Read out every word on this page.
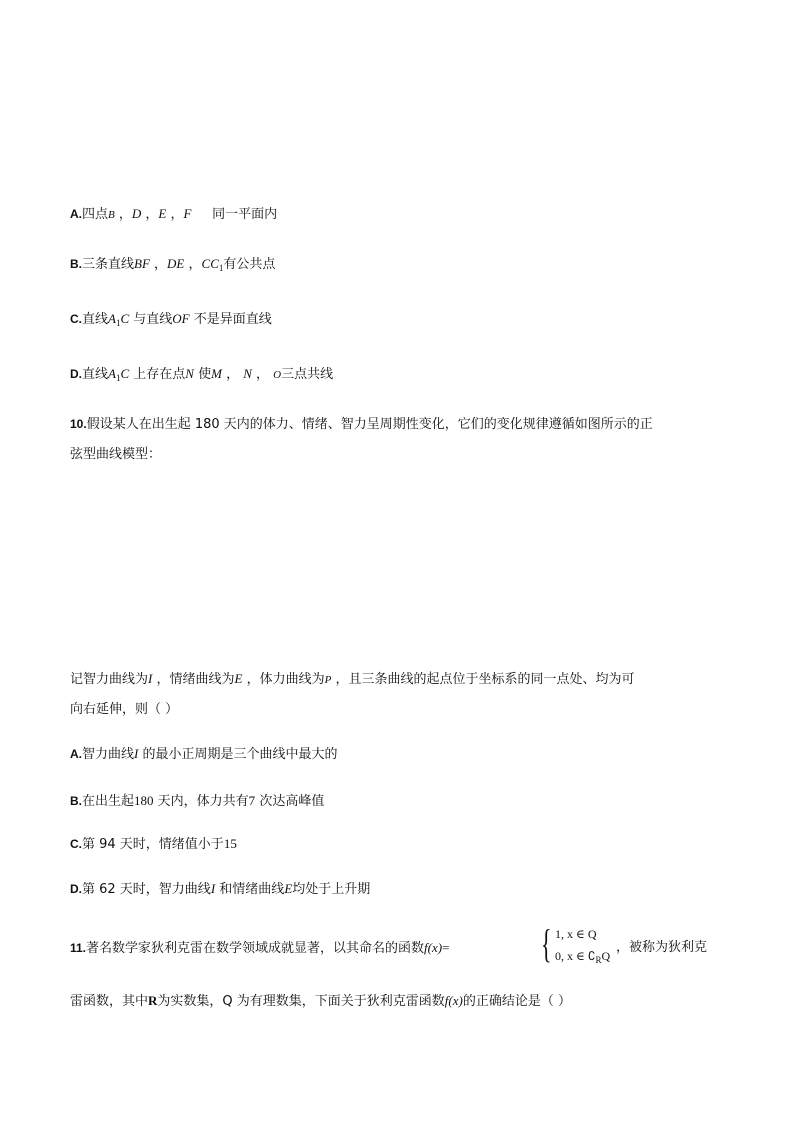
A.四点B ，D ，E ，F 同一平面内
B.三条直线BF ，DE ，$CC_1$有公共点
C.直线$A_1C$ 与直线OF 不是异面直线
D.直线$A_1C$ 上存在点N 使M ， N ， O三点共线
10.假设某人在出生起 180 天内的体力、情绪、智力呈周期性变化，它们的变化规律遵循如图所示的正
弦型曲线模型：
记智力曲线为I ，情绪曲线为E ，体力曲线为P ，且三条曲线的起点位于坐标系的同一点处、均为可
向右延伸，则（ ）
A.智力曲线I 的最小正周期是三个曲线中最大的
B.在出生起180 天内，体力共有7 次达高峰值
C.第 94 天时，情绪值小于15
D.第 62 天时，智力曲线I 和情绪曲线E均处于上升期
11.著名数学家狄利克雷在数学领域成就显著，以其命名的函数f(x)= { 1, x ∈ Q
0, x ∈ $∁_RQ$
，被称为狄利克
雷函数，其中R为实数集，Q 为有理数集，下面关于狄利克雷函数f(x)的正确结论是（ ）
